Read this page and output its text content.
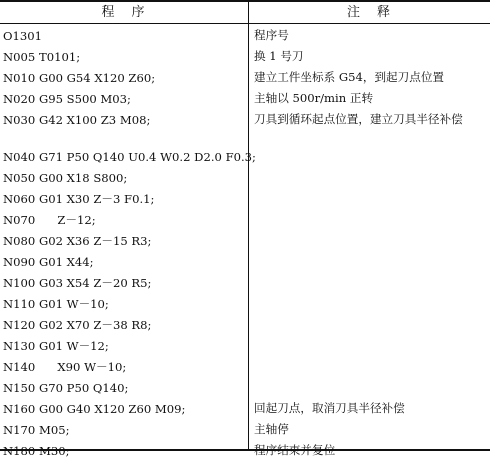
程　序	注　释
O1301	程序号
N005 T0101;	换 1 号刀
N010 G00 G54 X120 Z60;	建立工件坐标系 G54，到起刀点位置
N020 G95 S500 M03;	主轴以 500r/min 正转
N030 G42 X100 Z3 M08;	刀具到循环起点位置，建立刀具半径补偿
N040 G71 P50 Q140 U0.4 W0.2 D2.0 F0.3;
N050 G00 X18 S800;
N060 G01 X30 Z－3 F0.1;
N070      Z－12;
N080 G02 X36 Z－15 R3;
N090 G01 X44;
N100 G03 X54 Z－20 R5;
N110 G01 W－10;
N120 G02 X70 Z－38 R8;
N130 G01 W－12;
N140      X90 W－10;
N150 G70 P50 Q140;
N160 G00 G40 X120 Z60 M09;	回起刀点，取消刀具半径补偿
N170 M05;	主轴停
N180 M30;	程序结束并复位
